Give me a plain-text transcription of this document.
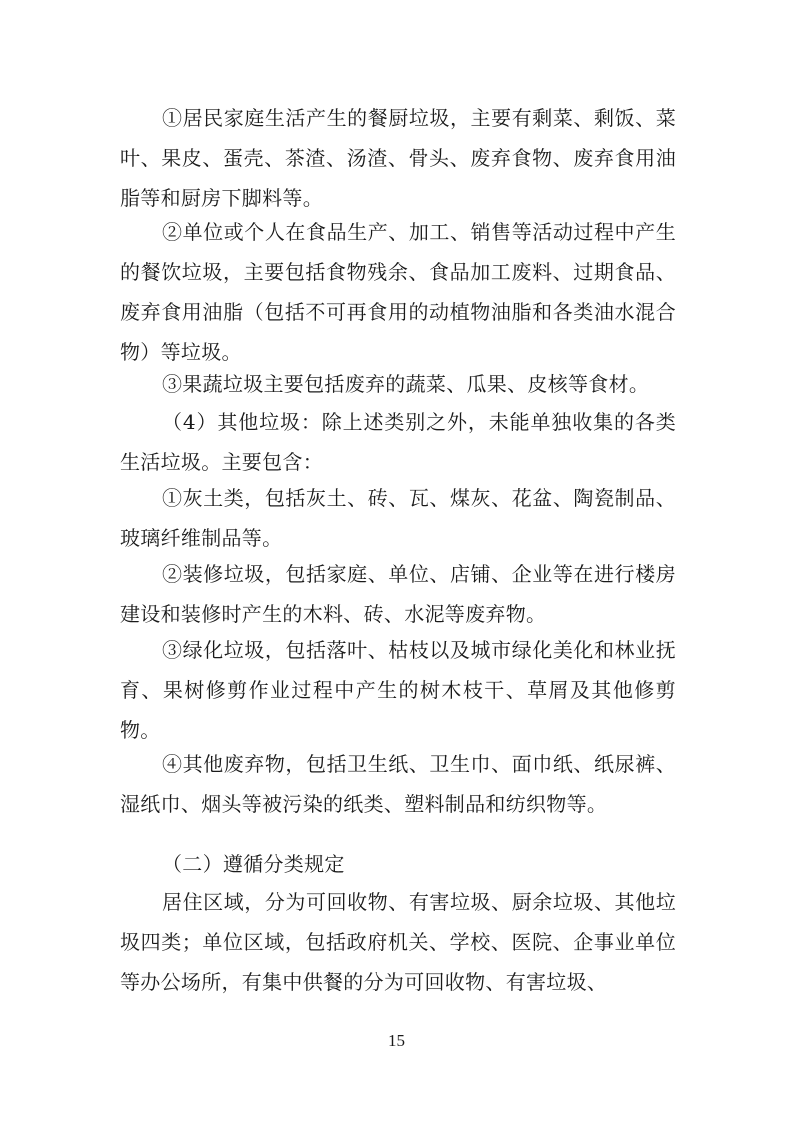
①居民家庭生活产生的餐厨垃圾，主要有剩菜、剩饭、菜叶、果皮、蛋壳、茶渣、汤渣、骨头、废弃食物、废弃食用油脂等和厨房下脚料等。

②单位或个人在食品生产、加工、销售等活动过程中产生的餐饮垃圾，主要包括食物残余、食品加工废料、过期食品、废弃食用油脂（包括不可再食用的动植物油脂和各类油水混合物）等垃圾。

③果蔬垃圾主要包括废弃的蔬菜、瓜果、皮核等食材。

（4）其他垃圾：除上述类别之外，未能单独收集的各类生活垃圾。主要包含：

①灰土类，包括灰土、砖、瓦、煤灰、花盆、陶瓷制品、玻璃纤维制品等。

②装修垃圾，包括家庭、单位、店铺、企业等在进行楼房建设和装修时产生的木料、砖、水泥等废弃物。

③绿化垃圾，包括落叶、枯枝以及城市绿化美化和林业抚育、果树修剪作业过程中产生的树木枝干、草屑及其他修剪物。

④其他废弃物，包括卫生纸、卫生巾、面巾纸、纸尿裤、湿纸巾、烟头等被污染的纸类、塑料制品和纺织物等。

（二）遵循分类规定

居住区域，分为可回收物、有害垃圾、厨余垃圾、其他垃圾四类；单位区域，包括政府机关、学校、医院、企事业单位等办公场所，有集中供餐的分为可回收物、有害垃圾、

15
